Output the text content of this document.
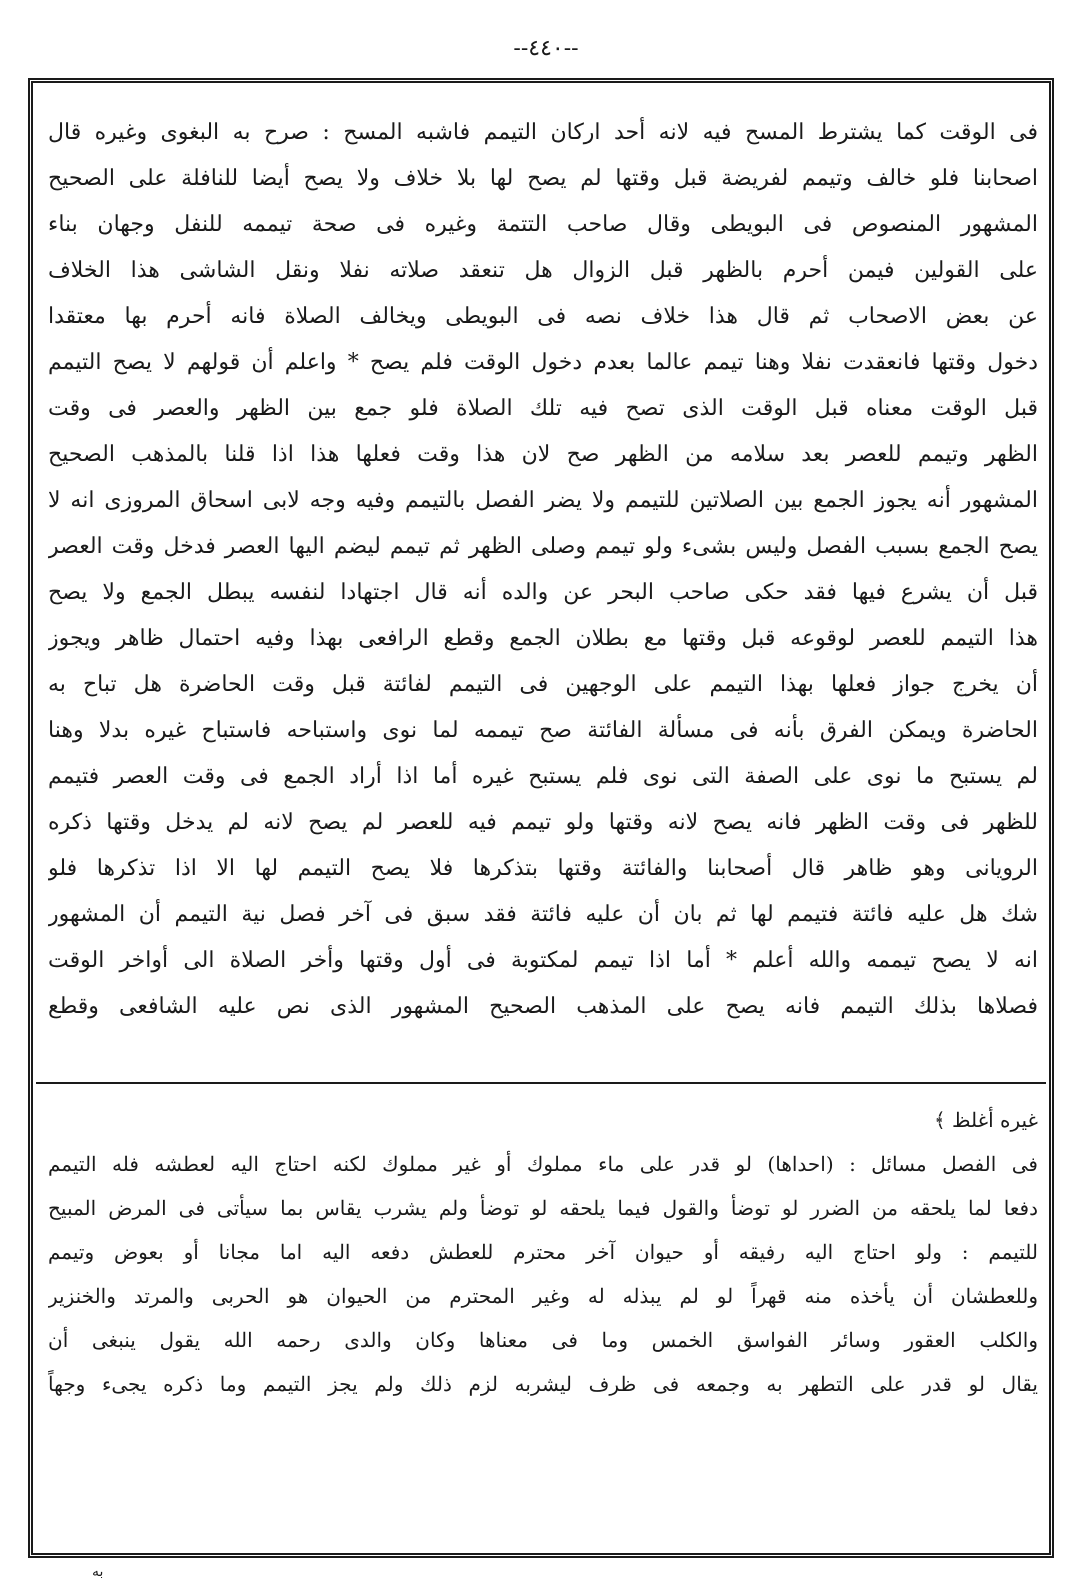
--٤٤٠--
فى الوقت كما يشترط المسح فيه لانه أحد اركان التيمم فاشبه المسح : صرح به البغوى وغيره قال
اصحابنا فلو خالف وتيمم لفريضة قبل وقتها لم يصح لها بلا خلاف ولا يصح أيضا للنافلة على الصحيح
المشهور المنصوص فى البويطى وقال صاحب التتمة وغيره فى صحة تيممه للنفل وجهان بناء
على القولين فيمن أحرم بالظهر قبل الزوال هل تنعقد صلاته نفلا ونقل الشاشى هذا الخلاف
عن بعض الاصحاب ثم قال هذا خلاف نصه فى البويطى ويخالف الصلاة فانه أحرم بها معتقدا
دخول وقتها فانعقدت نفلا وهنا تيمم عالما بعدم دخول الوقت فلم يصح * واعلم أن قولهم لا يصح التيمم
قبل الوقت معناه قبل الوقت الذى تصح فيه تلك الصلاة فلو جمع بين الظهر والعصر فى وقت
الظهر وتيمم للعصر بعد سلامه من الظهر صح لان هذا وقت فعلها هذا اذا قلنا بالمذهب الصحيح
المشهور أنه يجوز الجمع بين الصلاتين للتيمم ولا يضر الفصل بالتيمم وفيه وجه لابى اسحاق المروزى انه لا
يصح الجمع بسبب الفصل وليس بشىء ولو تيمم وصلى الظهر ثم تيمم ليضم اليها العصر فدخل وقت العصر
قبل أن يشرع فيها فقد حكى صاحب البحر عن والده أنه قال اجتهادا لنفسه يبطل الجمع ولا يصح
هذا التيمم للعصر لوقوعه قبل وقتها مع بطلان الجمع وقطع الرافعى بهذا وفيه احتمال ظاهر ويجوز
أن يخرج جواز فعلها بهذا التيمم على الوجهين فى التيمم لفائتة قبل وقت الحاضرة هل تباح به
الحاضرة ويمكن الفرق بأنه فى مسألة الفائتة صح تيممه لما نوى واستباحه فاستباح غيره بدلا وهنا
لم يستبح ما نوى على الصفة التى نوى فلم يستبح غيره أما اذا أراد الجمع فى وقت العصر فتيمم
للظهر فى وقت الظهر فانه يصح لانه وقتها ولو تيمم فيه للعصر لم يصح لانه لم يدخل وقتها ذكره
الرويانى وهو ظاهر قال أصحابنا والفائتة وقتها بتذكرها فلا يصح التيمم لها الا اذا تذكرها فلو
شك هل عليه فائتة فتيمم لها ثم بان أن عليه فائتة فقد سبق فى آخر فصل نية التيمم أن المشهور
انه لا يصح تيممه والله أعلم * أما اذا تيمم لمكتوبة فى أول وقتها وأخر الصلاة الى أواخر الوقت
فصلاها بذلك التيمم فانه يصح على المذهب الصحيح المشهور الذى نص عليه الشافعى وقطع
غيره أغلظ ﴾
فى الفصل مسائل : (احداها) لو قدر على ماء مملوك أو غير مملوك لكنه احتاج اليه لعطشه فله التيمم
دفعا لما يلحقه من الضرر لو توضأ والقول فيما يلحقه لو توضأ ولم يشرب يقاس بما سيأتى فى المرض المبيح
للتيمم : ولو احتاج اليه رفيقه أو حيوان آخر محترم للعطش دفعه اليه اما مجانا أو بعوض وتيمم
وللعطشان أن يأخذه منه قهراً لو لم يبذله له وغير المحترم من الحيوان هو الحربى والمرتد والخنزير
والكلب العقور وسائر الفواسق الخمس وما فى معناها وكان والدى رحمه الله يقول ينبغى أن
يقال لو قدر على التطهر به وجمعه فى ظرف ليشربه لزم ذلك ولم يجز التيمم وما ذكره يجىء وجهاً
به
